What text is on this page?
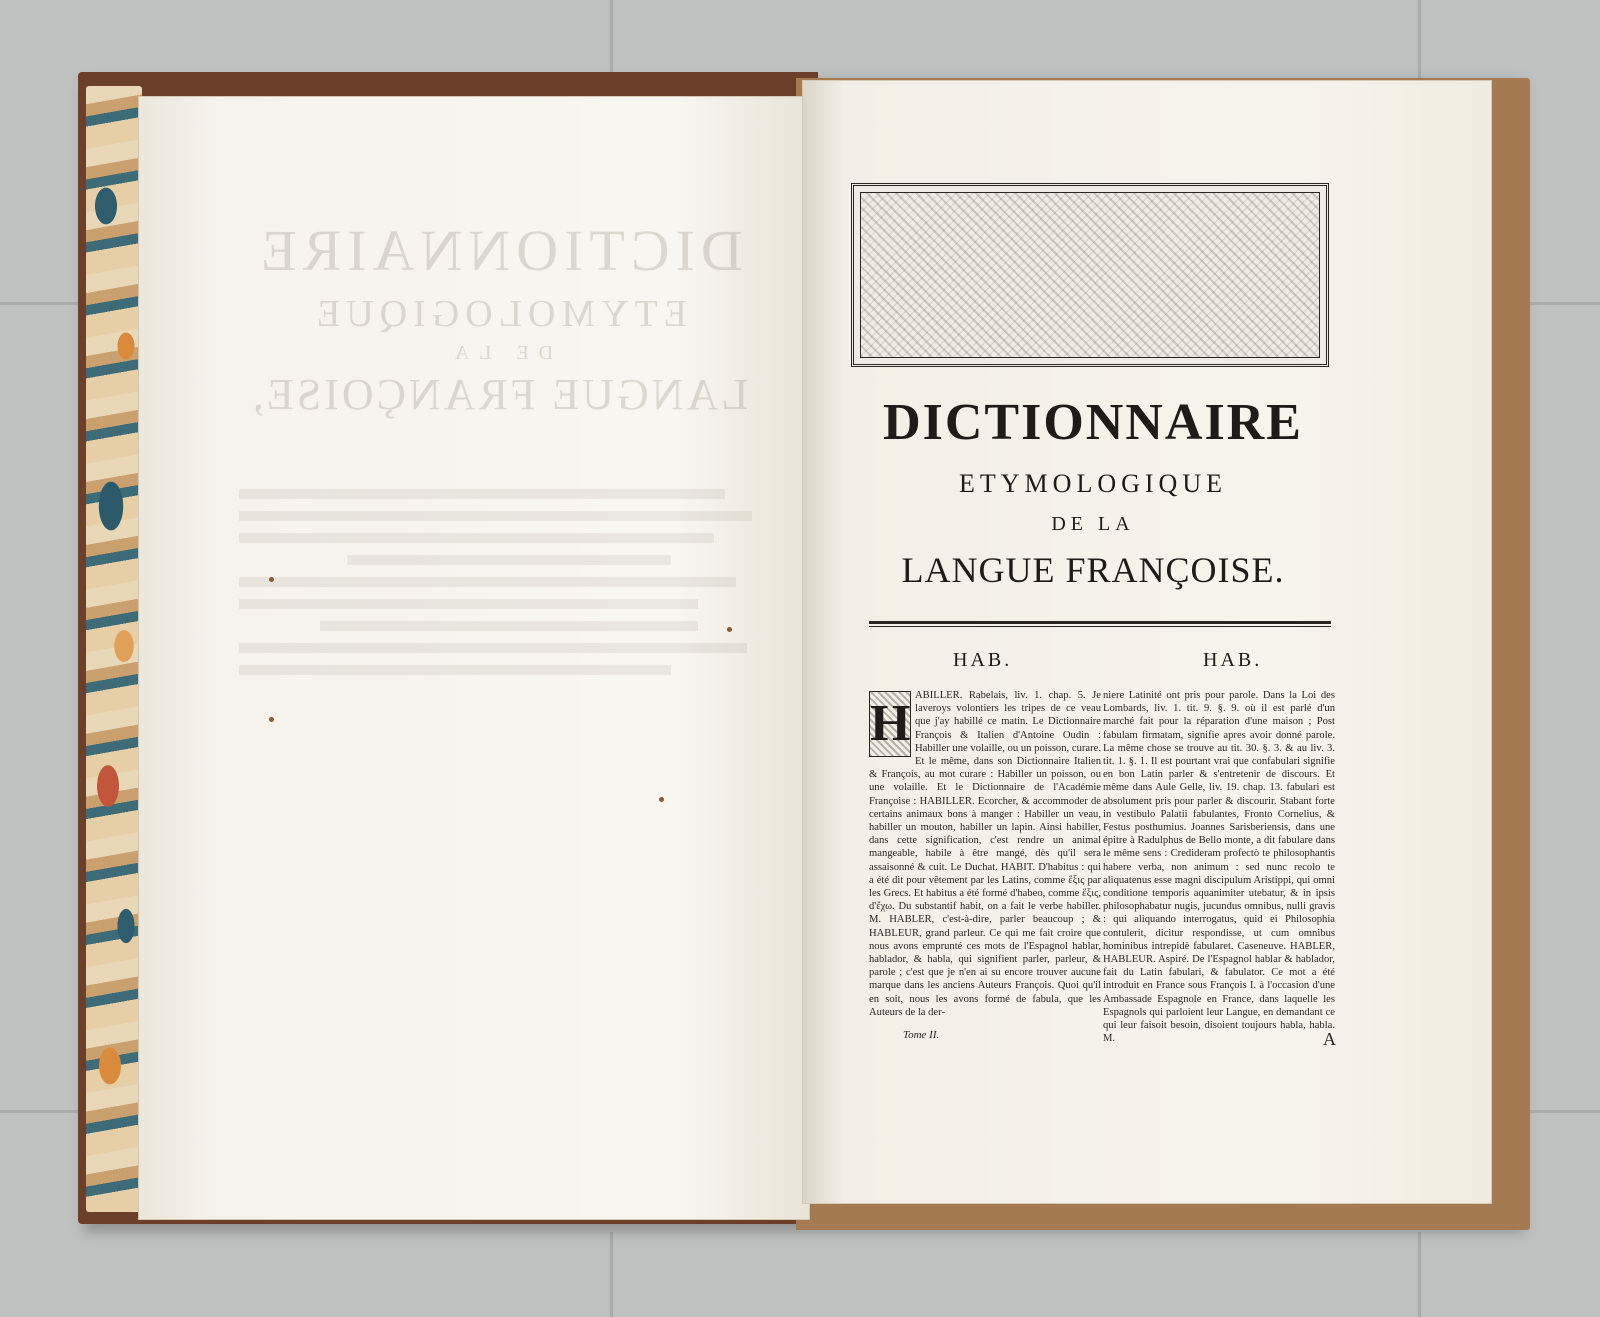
DICTIONNAIRE
ETYMOLOGIQUE
DE LA
LANGUE FRANÇOISE,	DICTIONNAIRE
ETYMOLOGIQUE
DE LA
LANGUE FRANÇOISE.
HAB.	HAB.
H ABILLER. Rabelais, liv. 1. chap. 5. Je laveroys volontiers les tripes de ce veau que j'ay habillé ce matin. Le Dictionnaire François & Italien d'Antoine Oudin : Habiller une volaille, ou un poisson, curare. Et le même, dans son Dictionnaire Italien & François, au mot curare : Habiller un poisson, ou une volaille. Et le Dictionnaire de l'Académie Françoise : HABILLER. Ecorcher, & accommoder de certains animaux bons à manger : Habiller un veau, habiller un mouton, habiller un lapin. Ainsi habiller, dans cette signification, c'est rendre un animal mangeable, habile à être mangé, dès qu'il sera assaisonné & cuit. Le Duchat. HABIT. D'habitus : qui a été dit pour vêtement par les Latins, comme ἕξις par les Grecs. Et habitus a été formé d'habeo, comme ἕξις, d'ἔχω. Du substantif habit, on a fait le verbe habiller. M. HABLER, c'est-à-dire, parler beaucoup ; & HABLEUR, grand parleur. Ce qui me fait croire que nous avons emprunté ces mots de l'Espagnol hablar, hablador, & habla, qui signifient parler, parleur, & parole ; c'est que je n'en ai su encore trouver aucune marque dans les anciens Auteurs François. Quoi qu'il en soit, nous les avons formé de fabula, que les Auteurs de la der-
niere Latinité ont pris pour parole. Dans la Loi des Lombards, liv. 1. tit. 9. §. 9. où il est parlé d'un marché fait pour la réparation d'une maison ; Post fabulam firmatam, signifie apres avoir donné parole. La même chose se trouve au tit. 30. §. 3. & au liv. 3. tit. 1. §. 1. Il est pourtant vrai que confabulari signifie en bon Latin parler & s'entretenir de discours. Et même dans Aule Gelle, liv. 19. chap. 13. fabulari est absolument pris pour parler & discourir. Stabant forte in vestibulo Palatii fabulantes, Fronto Cornelius, & Festus posthumius. Joannes Sarisberiensis, dans une épitre à Radulphus de Bello monte, a dit fabulare dans le même sens : Credideram profectò te philosophantis habere verba, non animum : sed nunc recolo te aliquatenus esse magni discipulum Aristippi, qui omni conditione temporis aquanimiter utebatur, & in ipsis philosophabatur nugis, jucundus omnibus, nulli gravis : qui aliquando interrogatus, quid ei Philosophia contulerit, dicitur respondisse, ut cum omnibus hominibus intrepidè fabularet. Caseneuve. HABLER, HABLEUR. Aspiré. De l'Espagnol hablar & hablador, fait du Latin fabulari, & fabulator. Ce mot a été introduit en France sous François I. à l'occasion d'une Ambassade Espagnole en France, dans laquelle les Espagnols qui parloient leur Langue, en demandant ce qui leur faisoit besoin, disoient toujours habla, habla. M.
Tome II.	A
